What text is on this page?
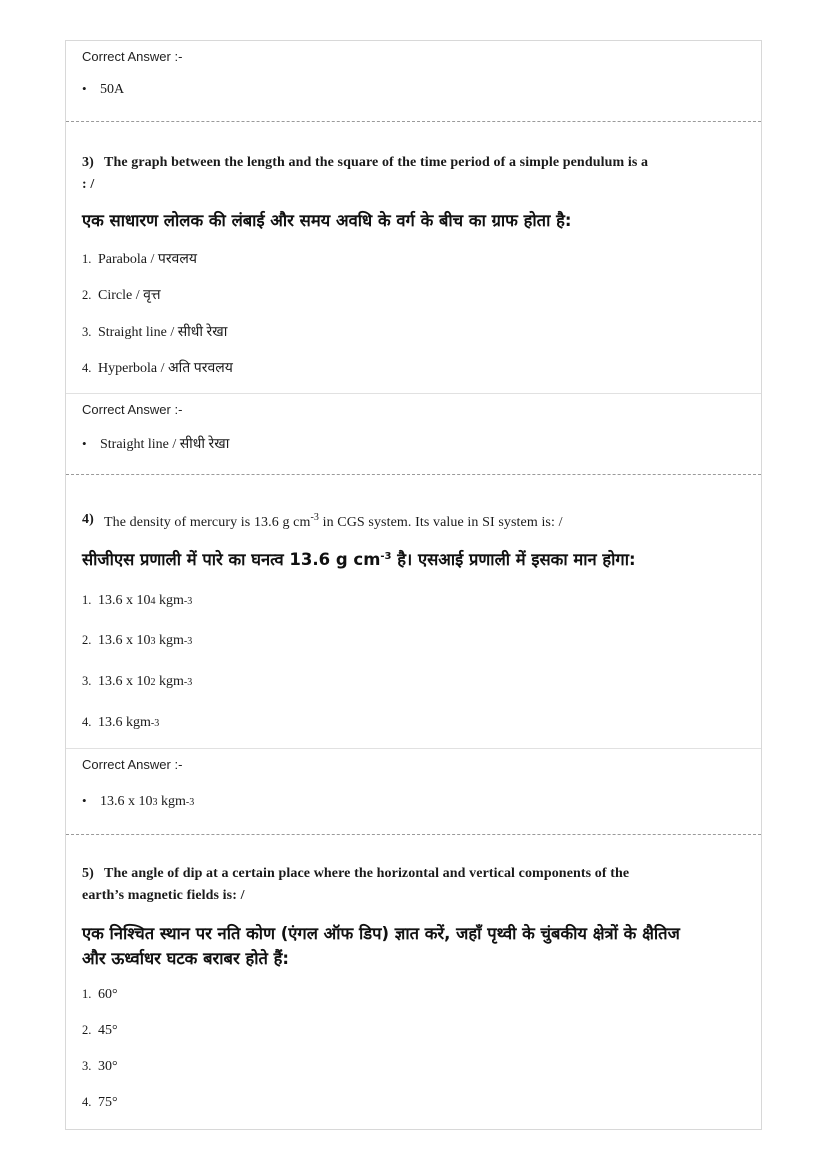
Correct Answer :-
• 50A
3) The graph between the length and the square of the time period of a simple pendulum is a
: /
एक साधारण लोलक की लंबाई और समय अवधि के वर्ग के बीच का ग्राफ होता है:
1. Parabola / परवलय
2. Circle / वृत्त
3. Straight line / सीधी रेखा
4. Hyperbola / अति परवलय
Correct Answer :-
• Straight line / सीधी रेखा
4) The density of mercury is 13.6 g $cm^{-3}$ in CGS system. Its value in SI system is: /
सीजीएस प्रणाली में पारे का घनत्व 13.6 g $cm^{-3}$ है। एसआई प्रणाली में इसका मान होगा:
1. 13.6 x 10 4 kgm -3
2. 13.6 x 10 3 kgm -3
3. 13.6 x 10 2 kgm -3
4. 13.6 kgm -3
Correct Answer :-
• 13.6 x 10 3 kgm -3
5) The angle of dip at a certain place where the horizontal and vertical components of the
earth’s magnetic fields is: /
एक निश्चित स्थान पर नति कोण (एंगल ऑफ डिप) ज्ञात करें, जहाँ पृथ्वी के चुंबकीय क्षेत्रों के क्षैतिज
और ऊर्ध्वाधर घटक बराबर होते हैं:
1. 60°
2. 45°
3. 30°
4. 75°
